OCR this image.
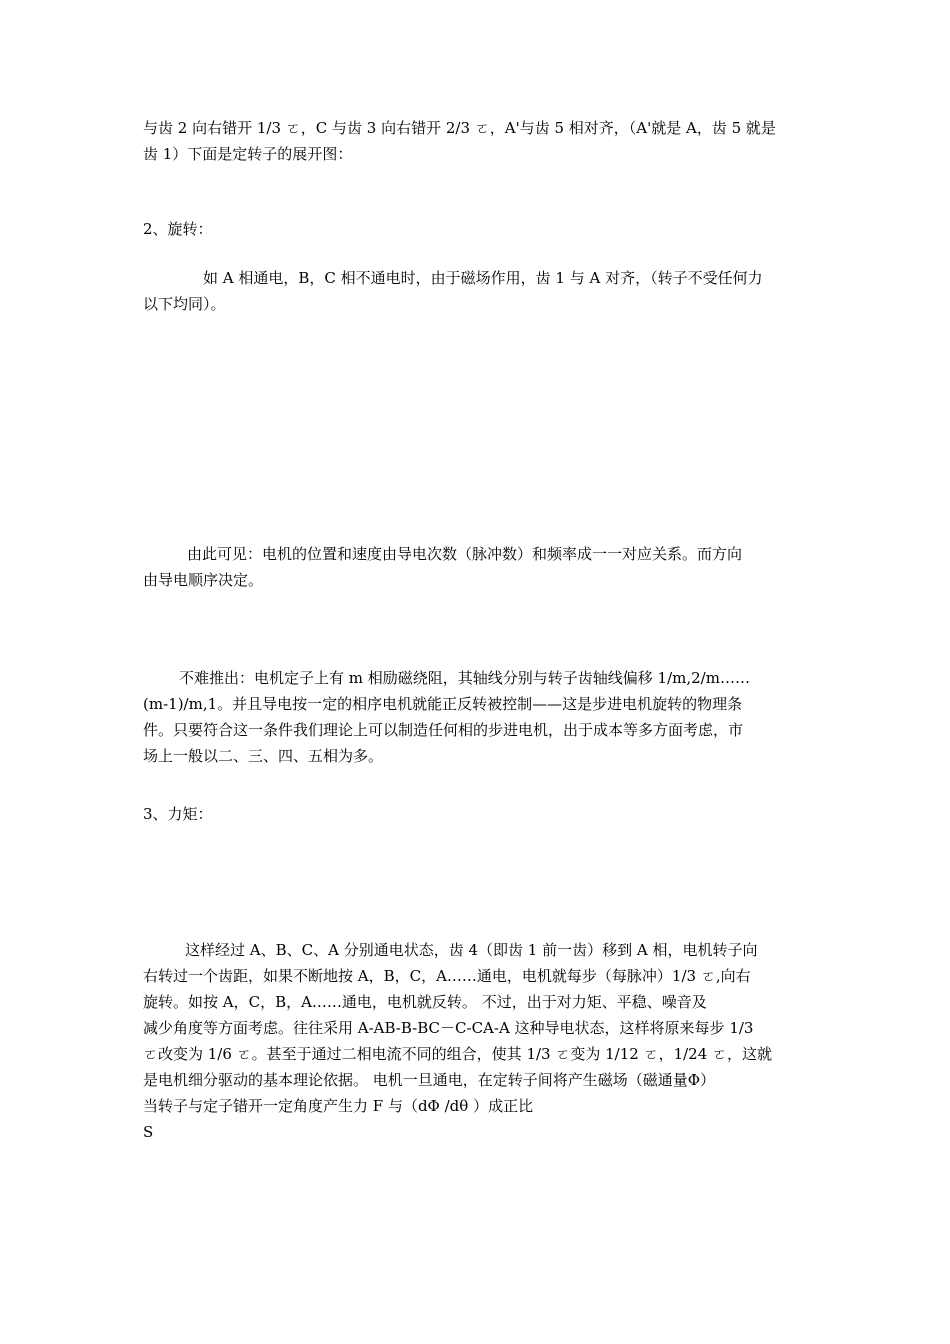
与齿 2 向右错开 1/3 ㄛ，C 与齿 3 向右错开 2/3 ㄛ，A'与齿 5 相对齐，（A'就是 A，齿 5 就是
齿 1）下面是定转子的展开图：
2、旋转：
如 A 相通电，B，C 相不通电时，由于磁场作用，齿 1 与 A 对齐，（转子不受任何力
以下均同）。
由此可见：电机的位置和速度由导电次数（脉冲数）和频率成一一对应关系。而方向
由导电顺序决定。
不难推出：电机定子上有 m 相励磁绕阻，其轴线分别与转子齿轴线偏移 1/m,2/m……
(m-1)/m,1。并且导电按一定的相序电机就能正反转被控制——这是步进电机旋转的物理条
件。只要符合这一条件我们理论上可以制造任何相的步进电机，出于成本等多方面考虑，市
场上一般以二、三、四、五相为多。
3、力矩：
这样经过 A、B、C、A 分别通电状态，齿 4（即齿 1 前一齿）移到 A 相，电机转子向
右转过一个齿距，如果不断地按 A，B，C，A……通电，电机就每步（每脉冲）1/3 ㄛ,向右
旋转。如按 A，C，B，A……通电，电机就反转。 不过，出于对力矩、平稳、噪音及
减少角度等方面考虑。往往采用 A-AB-B-BC－C-CA-A 这种导电状态，这样将原来每步 1/3
ㄛ改变为 1/6 ㄛ。甚至于通过二相电流不同的组合，使其 1/3 ㄛ变为 1/12 ㄛ，1/24 ㄛ，这就
是电机细分驱动的基本理论依据。 电机一旦通电，在定转子间将产生磁场（磁通量Φ）
当转子与定子错开一定角度产生力 F 与（dΦ /dθ ）成正比
S
